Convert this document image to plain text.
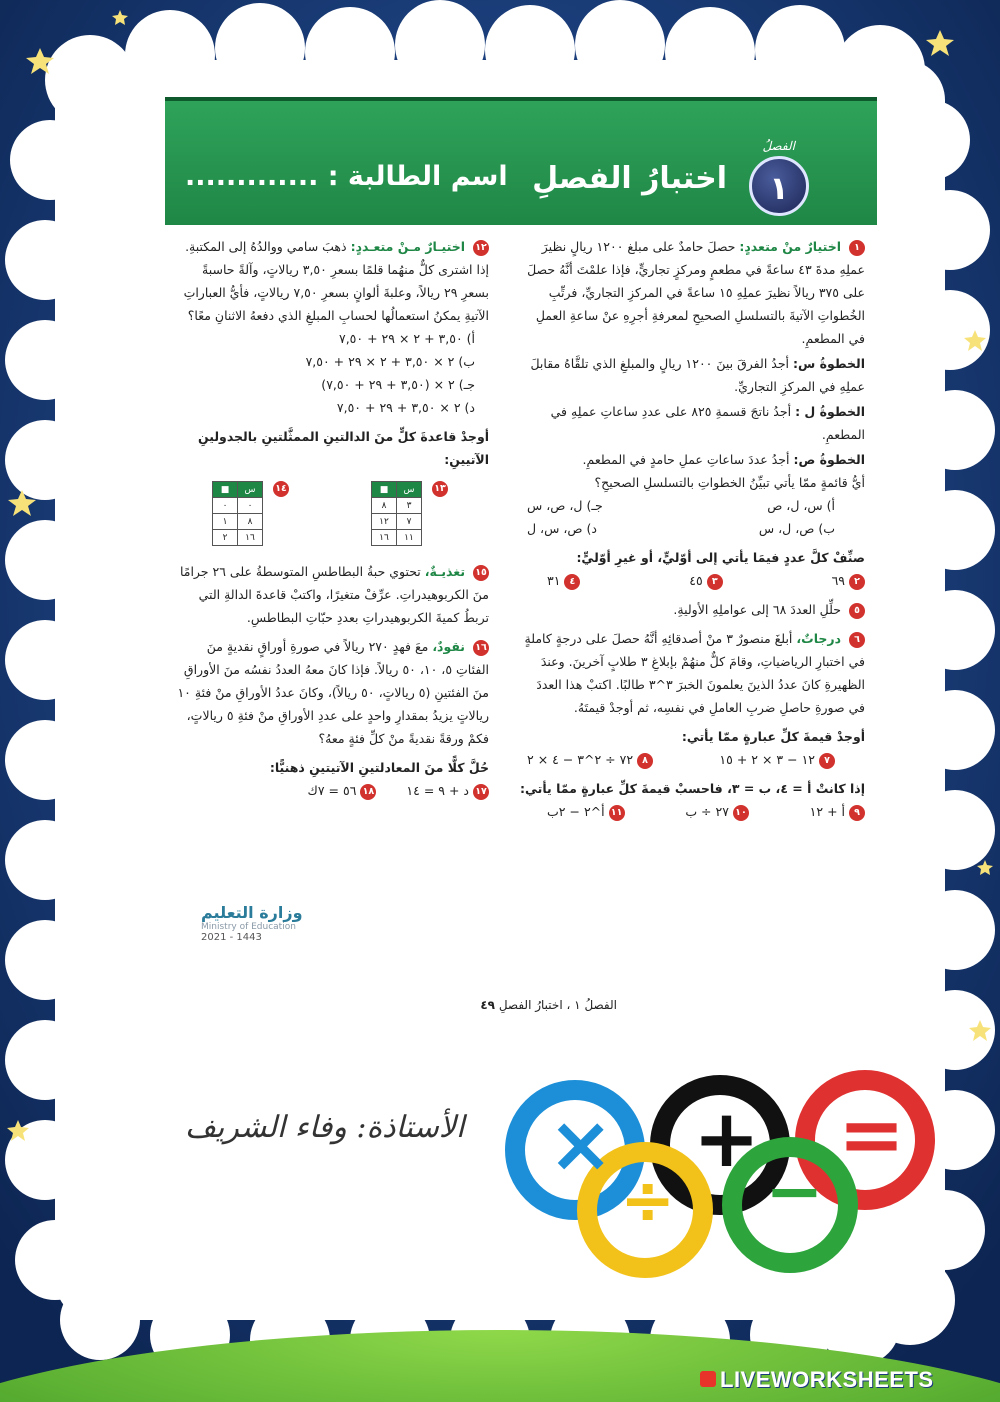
× + =
÷ −
الفصلُ
١
اختبارُ الفصلِ
اسم الطالبة : .............
١ اختيارٌ منْ متعددٍ: حصلَ حامدٌ على مبلغ ١٢٠٠ ريالٍ نظيرَ عملِهِ مدةَ ٤٣ ساعةً في مطعمٍ ومركزٍ تجاريٍّ، فإذا علمْتَ أنَّهُ حصلَ على ٣٧٥ ريالاً نظيرَ عملِهِ ١٥ ساعةً في المركزِ التجاريِّ، فرتِّبِ الخُطواتِ الآتيةَ بالتسلسلِ الصحيحِ لمعرفةِ أجرِهِ عنْ ساعةِ العملِ في المطعمِ.
الخطوةُ س: أجدُ الفرقَ بينَ ١٢٠٠ ريالٍ والمبلغِ الذي تلقَّاهُ مقابلَ عملِهِ في المركزِ التجاريِّ.
الخطوةُ ل : أجدُ ناتجَ قسمةِ ٨٢٥ على عددِ ساعاتِ عملِهِ في المطعمِ.
الخطوةُ ص: أجدُ عددَ ساعاتِ عملِ حامدٍ في المطعمِ.
أيُّ قائمةٍ ممّا يأتي تبيِّنُ الخطواتِ بالتسلسلِ الصحيحِ؟
أ) س، ل، ص
جـ) ل، ص، س
ب) ص، ل، س
د) ص، س، ل
صنِّفْ كلَّ عددٍ فيمَا يأتي إلى أوّليٍّ، أو غيرِ أوّليٍّ:
٢٦٩
٣٤٥
٤٣١
٥ حلِّلِ العددَ ٦٨ إلى عواملِهِ الأوليةِ.
٦ درجاتٌ، أبلغَ منصورٌ ٣ منْ أصدقائِهِ أنَّهُ حصلَ على درجةٍ كاملةٍ في اختبارِ الرياضياتِ، وقامَ كلٌّ منهُمْ بإبلاغِ ٣ طلابٍ آخرينَ. وعندَ الظهيرةِ كانَ عددُ الذينَ يعلمونَ الخبرَ ٣^٣ طالبًا. اكتبْ هذا العددَ في صورةِ حاصلِ ضربِ العاملِ في نفسِه، ثم أوجدْ قيمتَهُ.
أوجدْ قيمةَ كلِّ عبارةٍ ممّا يأتي:
٧١٢ − ٣ × ٢ + ١٥
٨٧٢ ÷ ٢^٣ − ٤ × ٢
إذا كانتْ أ = ٤، ب = ٣، فاحسبْ قيمةَ كلِّ عبارةٍ ممّا يأتي:
٩أ + ١٢
١٠٢٧ ÷ ب
١١أ^٢ − ٢ب
١٢ اختيـارٌ مـنْ متعـددٍ: ذهبَ سامي ووالدُهُ إلى المكتبةِ. إذا اشترى كلٌّ منهُما قلمًا بسعرِ ٣,٥٠ ريالاتٍ، وآلةً حاسبةً بسعرِ ٢٩ ريالاً، وعلبةَ ألوانٍ بسعرِ ٧,٥٠ ريالاتٍ، فأيُّ العباراتِ الآتيةِ يمكنُ استعمالُها لحسابِ المبلغِ الذي دفعهُ الاثنانِ معًا؟
أ) ٣,٥٠ + ٢ × ٢٩ + ٧,٥٠
ب) ٢ × ٣,٥٠ + ٢ × ٢٩ + ٧,٥٠
جـ) ٢ × (٣,٥٠ + ٢٩ + ٧,٥٠)
د) ٢ × ٣,٥٠ + ٢٩ + ٧,٥٠
أوجدْ قاعدةَ كلٍّ منَ الدالتينِ الممثَّلتينِ بالجدولينِ الآتيينِ:
١٣
س	■
٣	٨
٧	١٢
١١	١٦
١٤
س	■
٠	٠
٨	١
١٦	٢
١٥ تغذيـةٌ، تحتوي حبةُ البطاطسِ المتوسطةُ على ٢٦ جرامًا منَ الكربوهيدراتِ. عرِّفْ متغيرًا، واكتبْ قاعدةَ الدالةِ التي تربطُ كميةَ الكربوهيدراتِ بعددِ حبّاتِ البطاطسِ.
١٦ نقودٌ، معَ فهدٍ ٢٧٠ ريالاً في صورةِ أوراقٍ نقديةٍ منَ الفئاتِ ٥، ١٠، ٥٠ ريالاً. فإذا كانَ معهُ العددُ نفسُه منَ الأوراقِ منَ الفئتينِ (٥ ريالاتٍ، ٥٠ ريالاً)، وكانَ عددُ الأوراقِ منْ فئةِ ١٠ ريالاتٍ يزيدُ بمقدارِ واحدٍ على عددِ الأوراقِ منْ فئةِ ٥ ريالاتٍ، فكمْ ورقةً نقديةً منْ كلِّ فئةٍ معهُ؟
حُلَّ كلًّا منَ المعادلتينِ الآتيتينِ ذهنيًّا:
١٧د + ٩ = ١٤
١٨٥٦ = ٧ك
وزارة التعليم
Ministry of Education
2021 - 1443
الفصلُ ١ ، اختبارُ الفصلِ ٤٩
الأستاذة: وفاء الشريف
LIVEWORKSHEETS
